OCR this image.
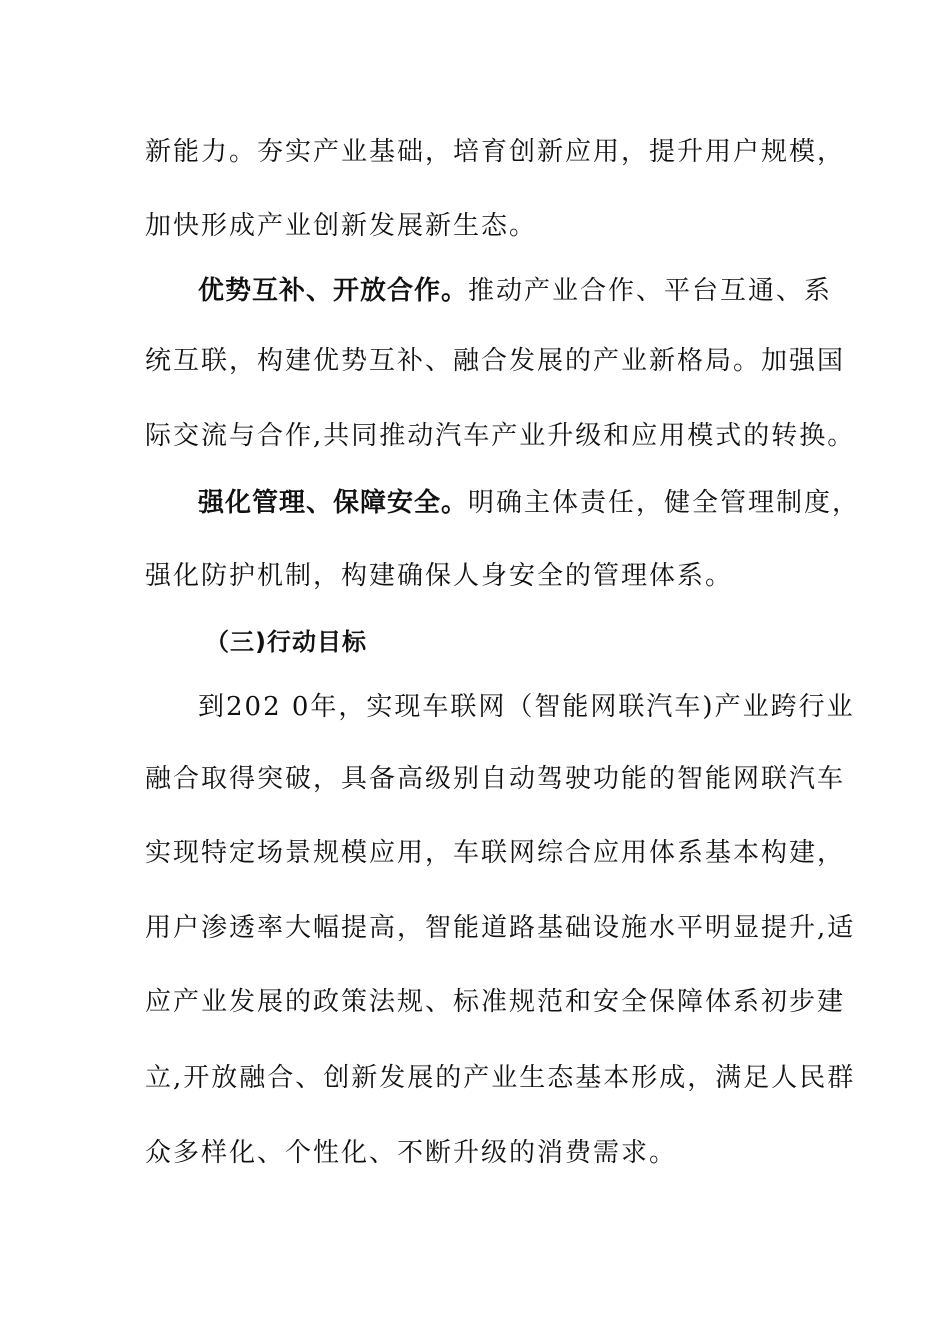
新能力。夯实产业基础，培育创新应用，提升用户规模，
加快形成产业创新发展新生态。
优势互补、开放合作。推动产业合作、平台互通、系
统互联，构建优势互补、融合发展的产业新格局。加强国
际交流与合作,共同推动汽车产业升级和应用模式的转换。
强化管理、保障安全。明确主体责任，健全管理制度，
强化防护机制，构建确保人身安全的管理体系。
（三)行动目标
到202 0年，实现车联网（智能网联汽车)产业跨行业
融合取得突破，具备高级别自动驾驶功能的智能网联汽车
实现特定场景规模应用，车联网综合应用体系基本构建，
用户渗透率大幅提高，智能道路基础设施水平明显提升,适
应产业发展的政策法规、标准规范和安全保障体系初步建
立,开放融合、创新发展的产业生态基本形成，满足人民群
众多样化、个性化、不断升级的消费需求。
